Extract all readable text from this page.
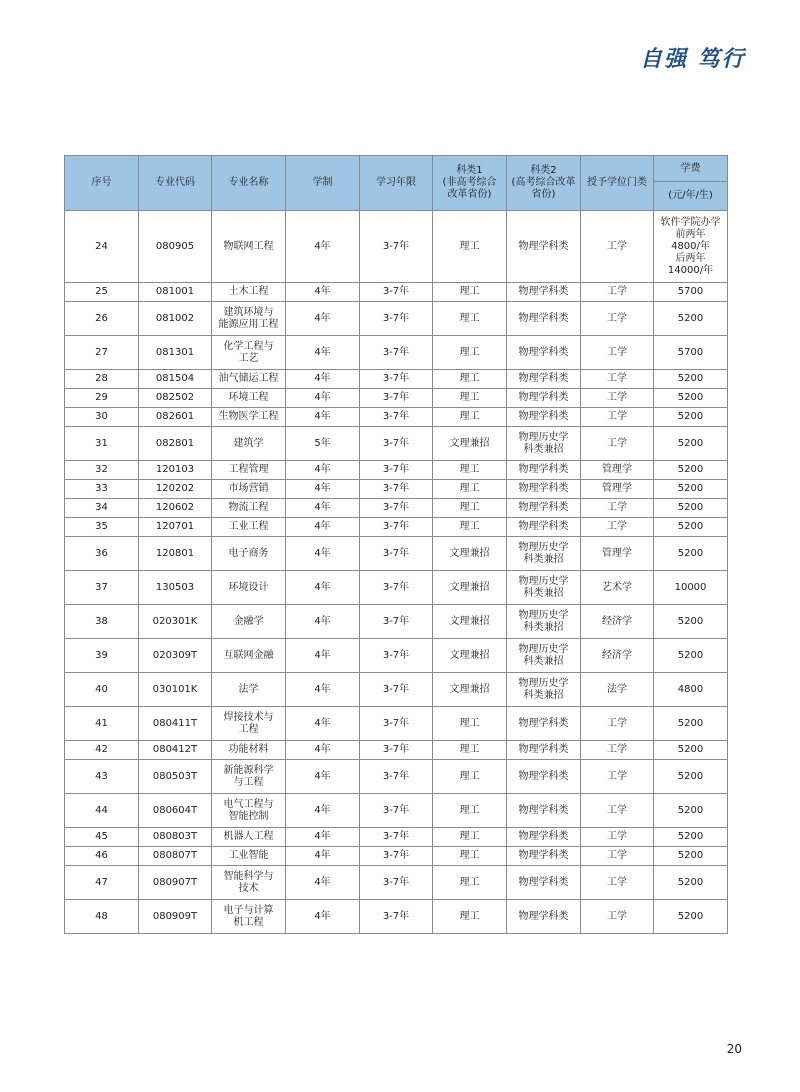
自强 笃行
序号	专业代码	专业名称	学制	学习年限	科类1
(非高考综合
改革省份)	科类2
(高考综合改革
省份)	授予学位门类	学费
								(元/年/生)
24	080905	物联网工程	4年	3-7年	理工	物理学科类	工学	软件学院办学
前两年
4800/年
后两年
14000/年
25	081001	土木工程	4年	3-7年	理工	物理学科类	工学	5700
26	081002	建筑环境与
能源应用工程	4年	3-7年	理工	物理学科类	工学	5200
27	081301	化学工程与
工艺	4年	3-7年	理工	物理学科类	工学	5700
28	081504	油气储运工程	4年	3-7年	理工	物理学科类	工学	5200
29	082502	环境工程	4年	3-7年	理工	物理学科类	工学	5200
30	082601	生物医学工程	4年	3-7年	理工	物理学科类	工学	5200
31	082801	建筑学	5年	3-7年	文理兼招	物理历史学
科类兼招	工学	5200
32	120103	工程管理	4年	3-7年	理工	物理学科类	管理学	5200
33	120202	市场营销	4年	3-7年	理工	物理学科类	管理学	5200
34	120602	物流工程	4年	3-7年	理工	物理学科类	工学	5200
35	120701	工业工程	4年	3-7年	理工	物理学科类	工学	5200
36	120801	电子商务	4年	3-7年	文理兼招	物理历史学
科类兼招	管理学	5200
37	130503	环境设计	4年	3-7年	文理兼招	物理历史学
科类兼招	艺术学	10000
38	020301K	金融学	4年	3-7年	文理兼招	物理历史学
科类兼招	经济学	5200
39	020309T	互联网金融	4年	3-7年	文理兼招	物理历史学
科类兼招	经济学	5200
40	030101K	法学	4年	3-7年	文理兼招	物理历史学
科类兼招	法学	4800
41	080411T	焊接技术与
工程	4年	3-7年	理工	物理学科类	工学	5200
42	080412T	功能材料	4年	3-7年	理工	物理学科类	工学	5200
43	080503T	新能源科学
与工程	4年	3-7年	理工	物理学科类	工学	5200
44	080604T	电气工程与
智能控制	4年	3-7年	理工	物理学科类	工学	5200
45	080803T	机器人工程	4年	3-7年	理工	物理学科类	工学	5200
46	080807T	工业智能	4年	3-7年	理工	物理学科类	工学	5200
47	080907T	智能科学与
技术	4年	3-7年	理工	物理学科类	工学	5200
48	080909T	电子与计算
机工程	4年	3-7年	理工	物理学科类	工学	5200
20
